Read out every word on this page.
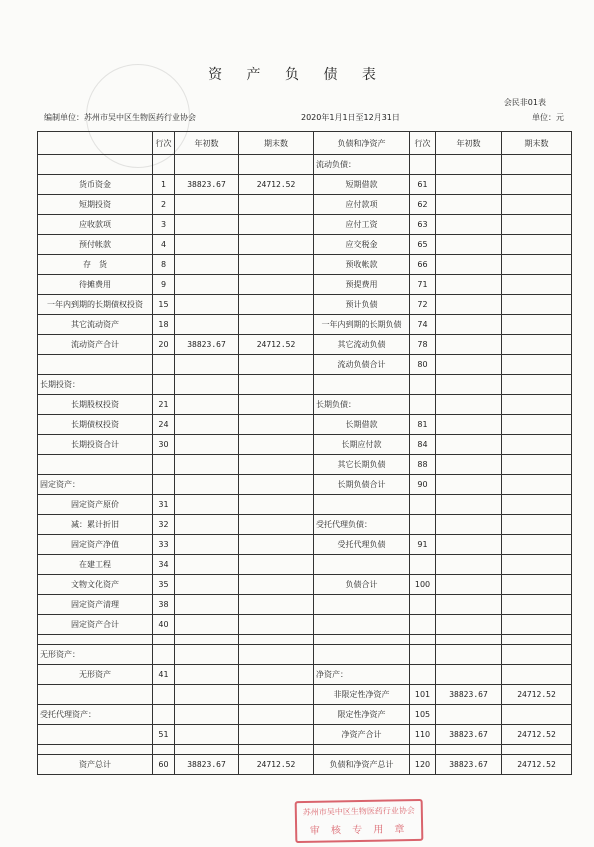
资 产 负 债 表
会民非01表
编制单位：苏州市吴中区生物医药行业协会	2020年1月1日至12月31日	单位：元
	行次	年初数	期末数	负债和净资产	行次	年初数	期末数
				流动负债：			
货币资金	1	38823.67	24712.52	短期借款	61		
短期投资	2			应付款项	62		
应收款项	3			应付工资	63		
预付帐款	4			应交税金	65		
存　货	8			预收帐款	66		
待摊费用	9			预提费用	71		
一年内到期的长期债权投资	15			预计负债	72		
其它流动资产	18			一年内到期的长期负债	74		
流动资产合计	20	38823.67	24712.52	其它流动负债	78		
				流动负债合计	80		
长期投资：							
长期股权投资	21			长期负债：			
长期债权投资	24			长期借款	81		
长期投资合计	30			长期应付款	84		
				其它长期负债	88		
固定资产：				长期负债合计	90		
固定资产原价	31						
减：累计折旧	32			受托代理负债：			
固定资产净值	33			受托代理负债	91		
在建工程	34						
文物文化资产	35			负债合计	100		
固定资产清理	38						
固定资产合计	40						

无形资产：							
无形资产	41			净资产：			
				非限定性净资产	101	38823.67	24712.52
受托代理资产：				限定性净资产	105		
	51			净资产合计	110	38823.67	24712.52

资产总计	60	38823.67	24712.52	负债和净资产总计	120	38823.67	24712.52
苏州市吴中区生物医药行业协会
审 核 专 用 章
